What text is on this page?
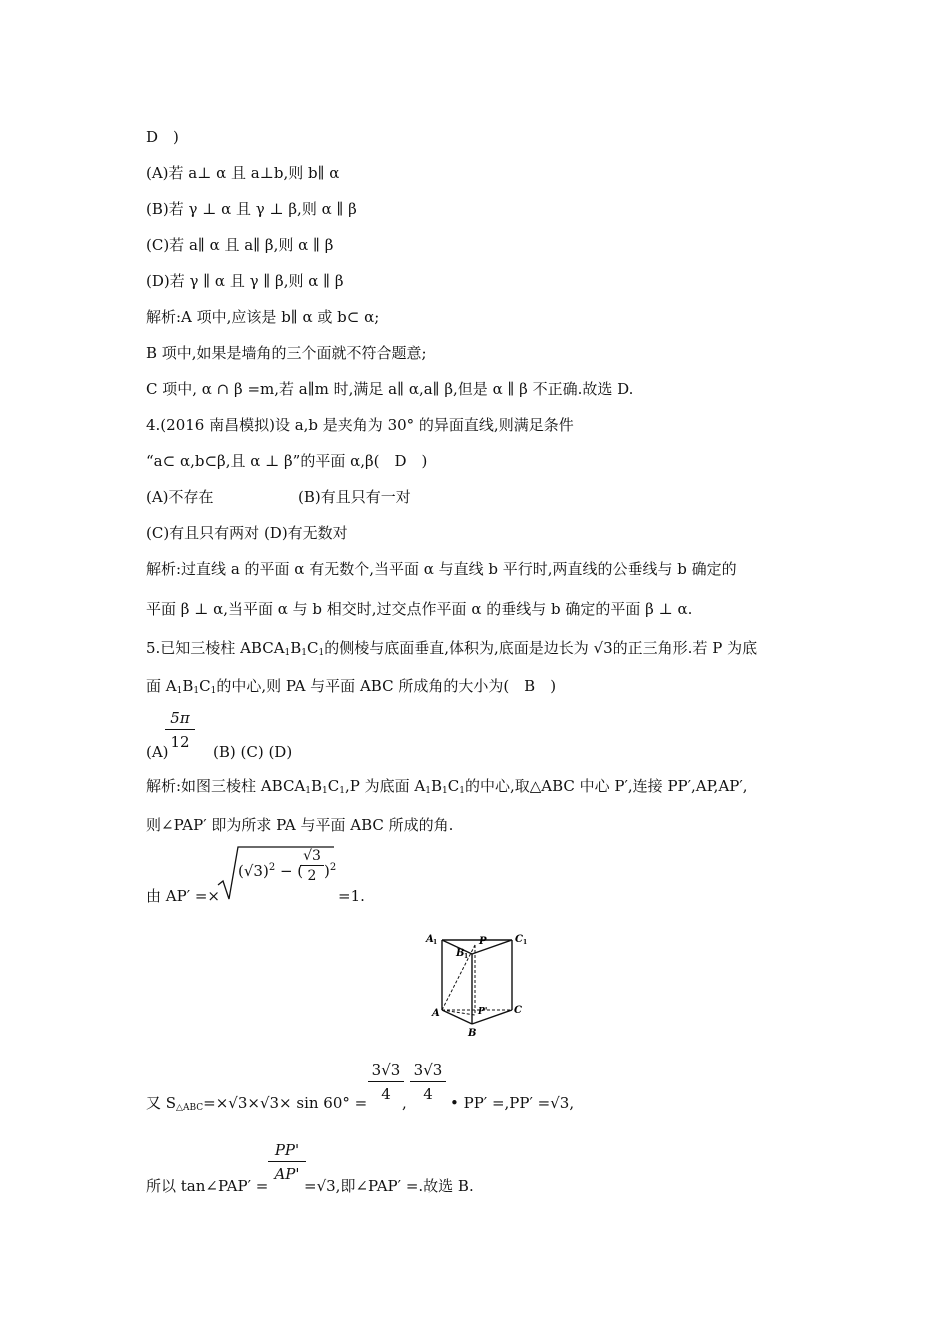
D　)
(A)若 a⊥ α 且 a⊥b,则 b∥ α
(B)若 γ ⊥ α 且 γ ⊥ β,则 α ∥ β
(C)若 a∥ α 且 a∥ β,则 α ∥ β
(D)若 γ ∥ α 且 γ ∥ β,则 α ∥ β
解析:A 项中,应该是 b∥ α 或 b⊂ α;
B 项中,如果是墙角的三个面就不符合题意;
C 项中, α ∩ β =m,若 a∥m 时,满足 a∥ α,a∥ β,但是 α ∥ β 不正确.故选 D.
4.(2016 南昌模拟)设 a,b 是夹角为 30° 的异面直线,则满足条件
“a⊂ α,b⊂β,且 α ⊥ β”的平面 α,β(　D　)
(A)不存在	(B)有且只有一对
(C)有且只有两对 (D)有无数对
解析:过直线 a 的平面 α 有无数个,当平面 α 与直线 b 平行时,两直线的公垂线与 b 确定的
平面 β ⊥ α,当平面 α 与 b 相交时,过交点作平面 α 的垂线与 b 确定的平面 β ⊥ α.
5.已知三棱柱 $ABCA_1B_1C_1$的侧棱与底面垂直,体积为,底面是边长为 √3的正三角形.若 P 为底
面 $A_1B_1C_1$的中心,则 PA 与平面 ABC 所成角的大小为(　B　)
5π
12
(A)	(B) (C) (D)
解析:如图三棱柱 $ABCA_1B_1C_1,P$ 为底面 $A_1B_1C_1$的中心,取△ABC 中心 P′,连接 PP′,AP,AP′,
则∠PAP′ 即为所求 PA 与平面 ABC 所成的角.
由 AP′ =×
$(√3)^2$ − (
√3
2 )$^2$
=1.
A 1	C 1
P
B 1
P'
A	C
B
又 $S_{\triangle ABC}=\times√3\times√3\times \sin 60^\circ$ =
3√3
4 ,
3√3
4	• PP′ =,PP′ =√3,
所以 tan∠PAP′ =
PP'
AP'
=√3,即∠PAP′ =.故选 B.
